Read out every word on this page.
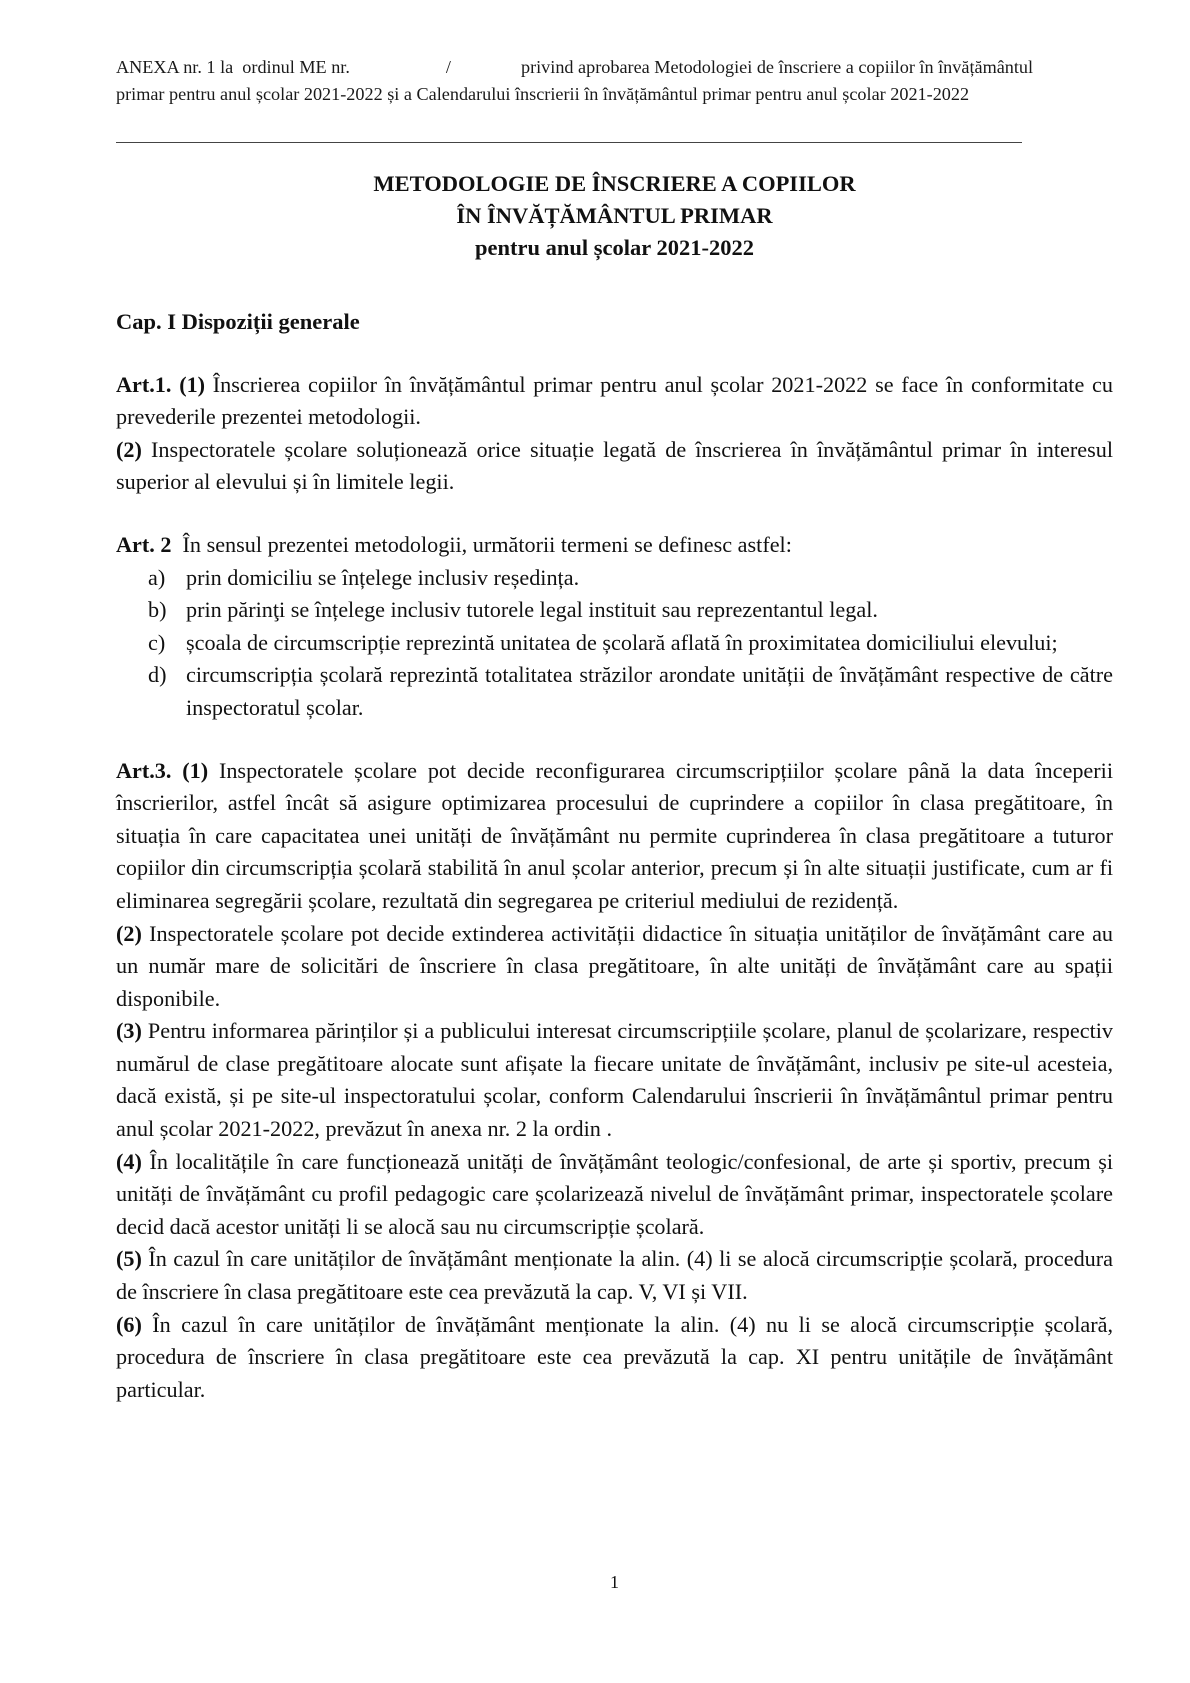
ANEXA nr. 1 la  ordinul ME nr.	/	privind aprobarea Metodologiei de înscriere a copiilor în învățământul
primar pentru anul școlar 2021-2022 și a Calendarului înscrierii în învățământul primar pentru anul școlar 2021-2022
METODOLOGIE DE ÎNSCRIERE A COPIILOR
ÎN ÎNVĂȚĂMÂNTUL PRIMAR
pentru anul școlar 2021-2022
Cap. I Dispoziții generale

Art.1. (1) Înscrierea copiilor în învățământul primar pentru anul școlar 2021-2022 se face în conformitate cu prevederile prezentei metodologii.

(2) Inspectoratele școlare soluționează orice situație legată de înscrierea în învățământul primar în interesul superior al elevului și în limitele legii.

Art. 2 În sensul prezentei metodologii, următorii termeni se definesc astfel:

a) prin domiciliu se înțelege inclusiv reședința.
b) prin părinţi se înțelege inclusiv tutorele legal instituit sau reprezentantul legal.
c) școala de circumscripție reprezintă unitatea de școlară aflată în proximitatea domiciliului elevului;
d) circumscripția școlară reprezintă totalitatea străzilor arondate unității de învățământ respective de către inspectoratul școlar.

Art.3. (1) Inspectoratele școlare pot decide reconfigurarea circumscripțiilor școlare până la data începerii înscrierilor, astfel încât să asigure optimizarea procesului de cuprindere a copiilor în clasa pregătitoare, în situația în care capacitatea unei unități de învățământ nu permite cuprinderea în clasa pregătitoare a tuturor copiilor din circumscripția școlară stabilită în anul școlar anterior, precum și în alte situații justificate, cum ar fi eliminarea segregării școlare, rezultată din segregarea pe criteriul mediului de rezidență.

(2) Inspectoratele școlare pot decide extinderea activității didactice în situația unităților de învățământ care au un număr mare de solicitări de înscriere în clasa pregătitoare, în alte unități de învățământ care au spații disponibile.

(3) Pentru informarea părinților și a publicului interesat circumscripțiile școlare, planul de școlarizare, respectiv numărul de clase pregătitoare alocate sunt afișate la fiecare unitate de învățământ, inclusiv pe site-ul acesteia, dacă există, și pe site-ul inspectoratului școlar, conform Calendarului înscrierii în învățământul primar pentru anul școlar 2021-2022, prevăzut în anexa nr. 2 la ordin .

(4) În localitățile în care funcționează unități de învățământ teologic/confesional, de arte și sportiv, precum și unități de învățământ cu profil pedagogic care școlarizează nivelul de învățământ primar, inspectoratele școlare decid dacă acestor unități li se alocă sau nu circumscripție școlară.

(5) În cazul în care unităților de învățământ menționate la alin. (4) li se alocă circumscripție școlară, procedura de înscriere în clasa pregătitoare este cea prevăzută la cap. V, VI și VII.

(6) În cazul în care unităților de învățământ menționate la alin. (4) nu li se alocă circumscripție școlară, procedura de înscriere în clasa pregătitoare este cea prevăzută la cap. XI pentru unitățile de învățământ particular.

1
